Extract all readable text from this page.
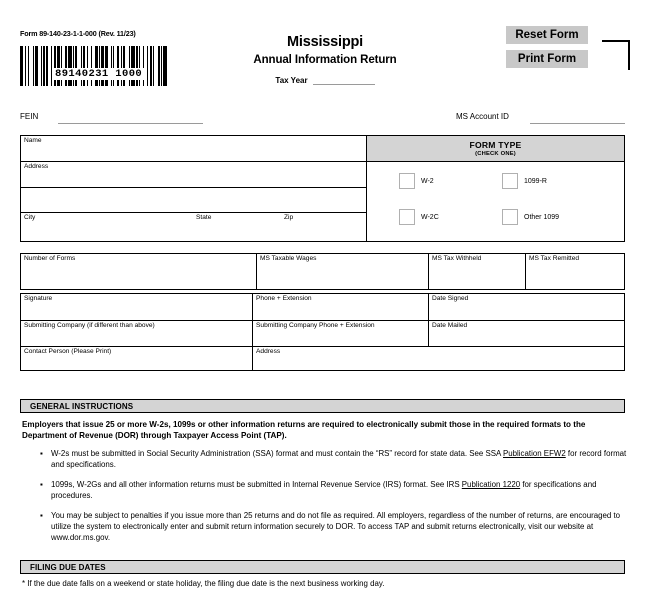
Form 89-140-23-1-1-000 (Rev. 11/23)
89140231 1000
Mississippi
Annual Information Return
Tax Year
Reset Form
Print Form
FEIN	MS Account ID
Name
Address
City	State	Zip
FORM TYPE
(CHECK ONE)
W-2	1099-R
W-2C	Other 1099
Number of Forms	MS Taxable Wages	MS Tax Withheld	MS Tax Remitted
Signature	Phone + Extension	Date Signed
Submitting Company (if different than above)	Submitting Company Phone + Extension	Date Mailed
Contact Person (Please Print)	Address
GENERAL INSTRUCTIONS
Employers that issue 25 or more W-2s, 1099s or other information returns are required to electronically submit those in the required formats to the Department of Revenue (DOR) through Taxpayer Access Point (TAP).
▪	W-2s must be submitted in Social Security Administration (SSA) format and must contain the “RS” record for state data. See SSA Publication EFW2 for record format and specifications.
▪	1099s, W-2Gs and all other information returns must be submitted in Internal Revenue Service (IRS) format. See IRS Publication 1220 for specifications and procedures.
▪	You may be subject to penalties if you issue more than 25 returns and do not file as required. All employers, regardless of the number of returns, are encouraged to utilize the system to electronically enter and submit return information securely to DOR. To access TAP and submit returns electronically, visit our website at www.dor.ms.gov.
FILING DUE DATES
* If the due date falls on a weekend or state holiday, the filing due date is the next business working day.
